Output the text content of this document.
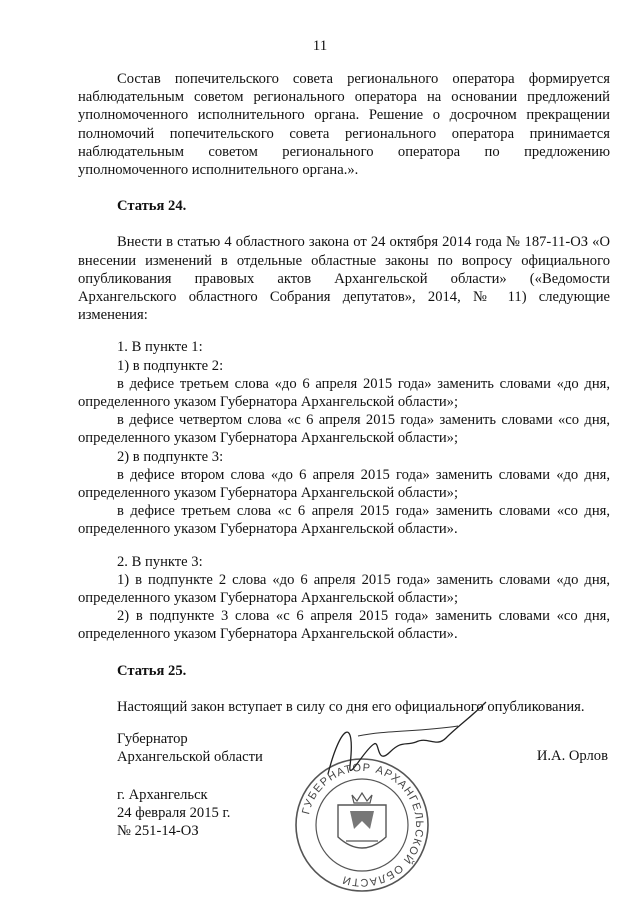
11

Состав попечительского совета регионального оператора формируется наблюдательным советом регионального оператора на основании предложений уполномоченного исполнительного органа. Решение о досрочном прекращении полномочий попечительского совета регионального оператора принимается наблюдательным советом регионального оператора по предложению уполномоченного исполнительного органа.».

Статья 24.

Внести в статью 4 областного закона от 24 октября 2014 года № 187-11-ОЗ «О внесении изменений в отдельные областные законы по вопросу официального опубликования правовых актов Архангельской области» («Ведомости Архангельского областного Собрания депутатов», 2014, № 11) следующие изменения:

1. В пункте 1:

1) в подпункте 2:

в дефисе третьем слова «до 6 апреля 2015 года» заменить словами «до дня, определенного указом Губернатора Архангельской области»;

в дефисе четвертом слова «с 6 апреля 2015 года» заменить словами «со дня, определенного указом Губернатора Архангельской области»;

2) в подпункте 3:

в дефисе втором слова «до 6 апреля 2015 года» заменить словами «до дня, определенного указом Губернатора Архангельской области»;

в дефисе третьем слова «с 6 апреля 2015 года» заменить словами «со дня, определенного указом Губернатора Архангельской области».

2. В пункте 3:

1) в подпункте 2 слова «до 6 апреля 2015 года» заменить словами «до дня, определенного указом Губернатора Архангельской области»;

2) в подпункте 3 слова «с 6 апреля 2015 года» заменить словами «со дня, определенного указом Губернатора Архангельской области».

Статья 25.

Настоящий закон вступает в силу со дня его официального опубликования.

Губернатор
Архангельской области	И.А. Орлов
г. Архангельск
24 февраля 2015 г.
№ 251-14-ОЗ
ГУБЕРНАТОР АРХАНГЕЛЬСКОЙ ОБЛАСТИ
